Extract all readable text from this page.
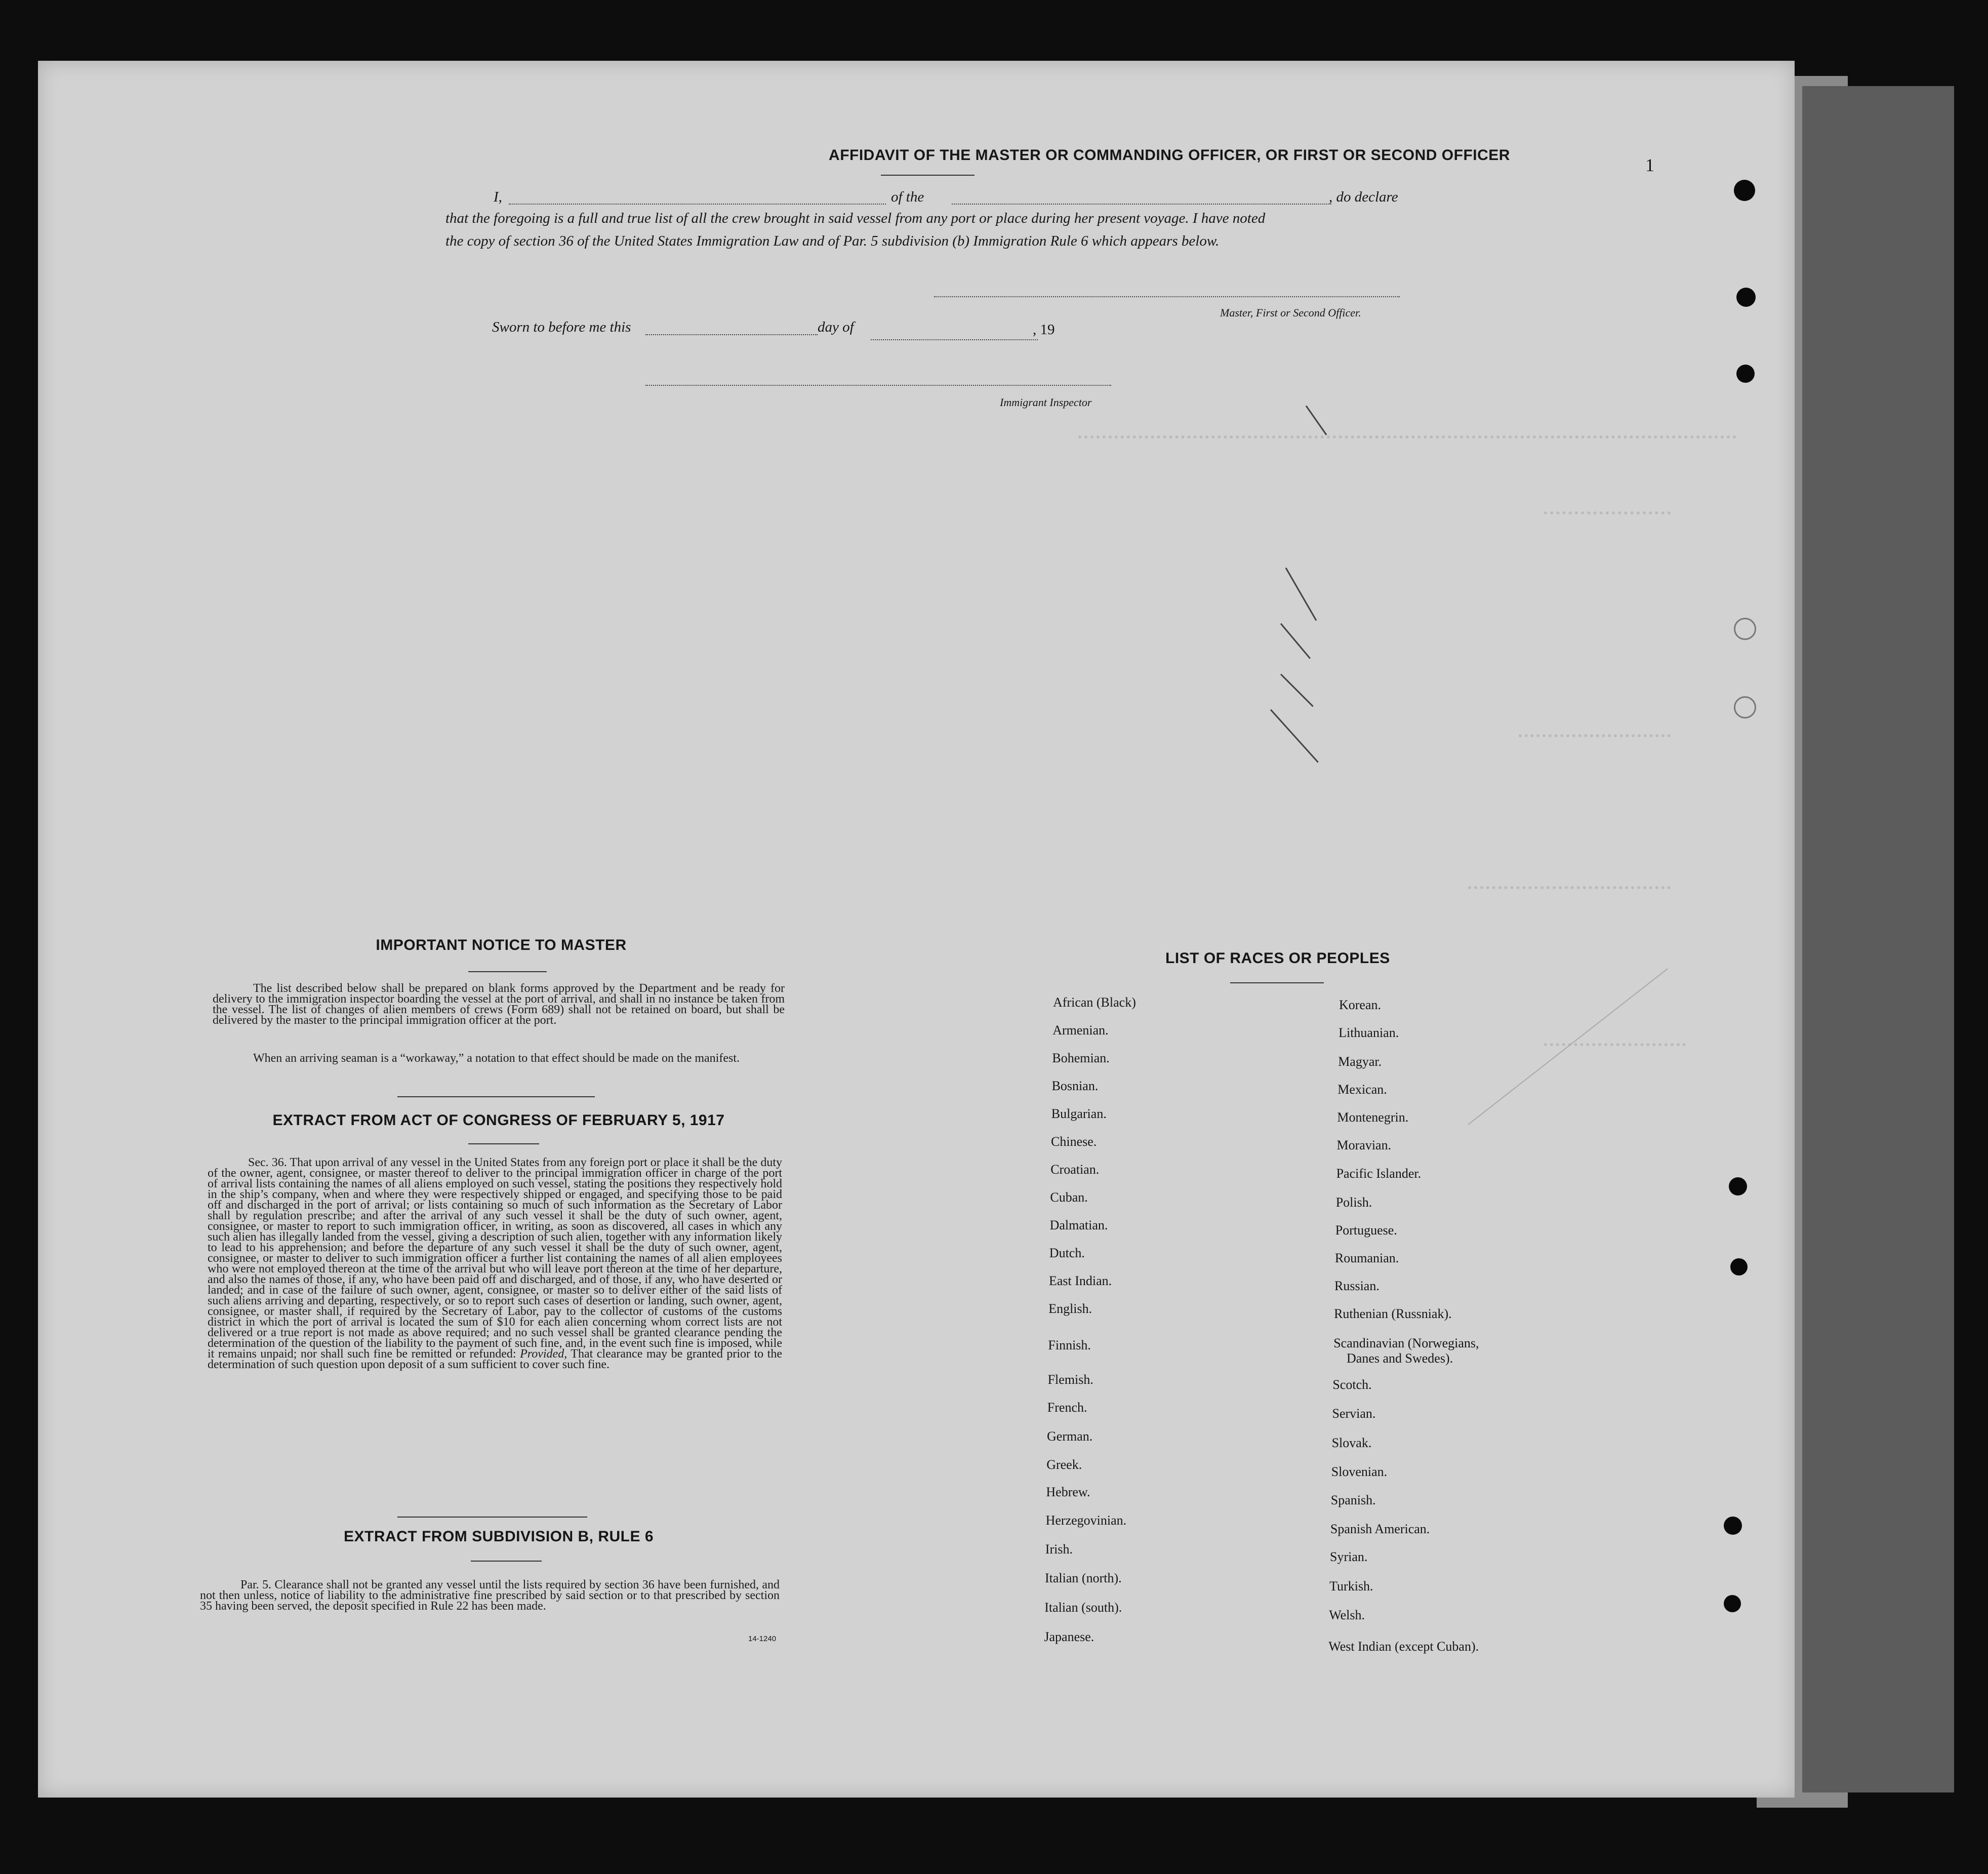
1
AFFIDAVIT OF THE MASTER OR COMMANDING OFFICER, OR FIRST OR SECOND OFFICER
I,	of the	, do declare
that the foregoing is a full and true list of all the crew brought in said vessel from any port or place during her present voyage. I have noted
the copy of section 36 of the United States Immigration Law and of Par. 5 subdivision (b) Immigration Rule 6 which appears below.
Master, First or Second Officer.
Sworn to before me this	day of	, 19
Immigrant Inspector
IMPORTANT NOTICE TO MASTER
The list described below shall be prepared on blank forms approved by the Department and be ready for delivery to the immigration inspector boarding the vessel at the port of arrival, and shall in no instance be taken from the vessel. The list of changes of alien members of crews (Form 689) shall not be retained on board, but shall be delivered by the master to the principal immigration officer at the port.
When an arriving seaman is a “workaway,” a notation to that effect should be made on the manifest.
EXTRACT FROM ACT OF CONGRESS OF FEBRUARY 5, 1917
Sec. 36. That upon arrival of any vessel in the United States from any foreign port or place it shall be the duty of the owner, agent, consignee, or master thereof to deliver to the principal immigration officer in charge of the port of arrival lists containing the names of all aliens employed on such vessel, stating the positions they respectively hold in the ship’s company, when and where they were respectively shipped or engaged, and specifying those to be paid off and discharged in the port of arrival; or lists containing so much of such information as the Secretary of Labor shall by regulation prescribe; and after the arrival of any such vessel it shall be the duty of such owner, agent, consignee, or master to report to such immigration officer, in writing, as soon as discovered, all cases in which any such alien has illegally landed from the vessel, giving a description of such alien, together with any information likely to lead to his apprehension; and before the departure of any such vessel it shall be the duty of such owner, agent, consignee, or master to deliver to such immigration officer a further list containing the names of all alien employees who were not employed thereon at the time of the arrival but who will leave port thereon at the time of her departure, and also the names of those, if any, who have been paid off and discharged, and of those, if any, who have deserted or landed; and in case of the failure of such owner, agent, consignee, or master so to deliver either of the said lists of such aliens arriving and departing, respectively, or so to report such cases of desertion or landing, such owner, agent, consignee, or master shall, if required by the Secretary of Labor, pay to the collector of customs of the customs district in which the port of arrival is located the sum of $10 for each alien concerning whom correct lists are not delivered or a true report is not made as above required; and no such vessel shall be granted clearance pending the determination of the question of the liability to the payment of such fine, and, in the event such fine is imposed, while it remains unpaid; nor shall such fine be remitted or refunded: Provided, That clearance may be granted prior to the determination of such question upon deposit of a sum sufficient to cover such fine.
EXTRACT FROM SUBDIVISION B, RULE 6
Par. 5. Clearance shall not be granted any vessel until the lists required by section 36 have been furnished, and not then unless, notice of liability to the administrative fine prescribed by said section or to that prescribed by section 35 having been served, the deposit specified in Rule 22 has been made.
14-1240
LIST OF RACES OR PEOPLES
African (Black)
Armenian.
Bohemian.
Bosnian.
Bulgarian.
Chinese.
Croatian.
Cuban.
Dalmatian.
Dutch.
East Indian.
English.
Finnish.
Flemish.
French.
German.
Greek.
Hebrew.
Herzegovinian.
Irish.
Italian (north).
Italian (south).
Japanese.
Korean.
Lithuanian.
Magyar.
Mexican.
Montenegrin.
Moravian.
Pacific Islander.
Polish.
Portuguese.
Roumanian.
Russian.
Ruthenian (Russniak).
Scandinavian (Norwegians,
Danes and Swedes).
Scotch.
Servian.
Slovak.
Slovenian.
Spanish.
Spanish American.
Syrian.
Turkish.
Welsh.
West Indian (except Cuban).
